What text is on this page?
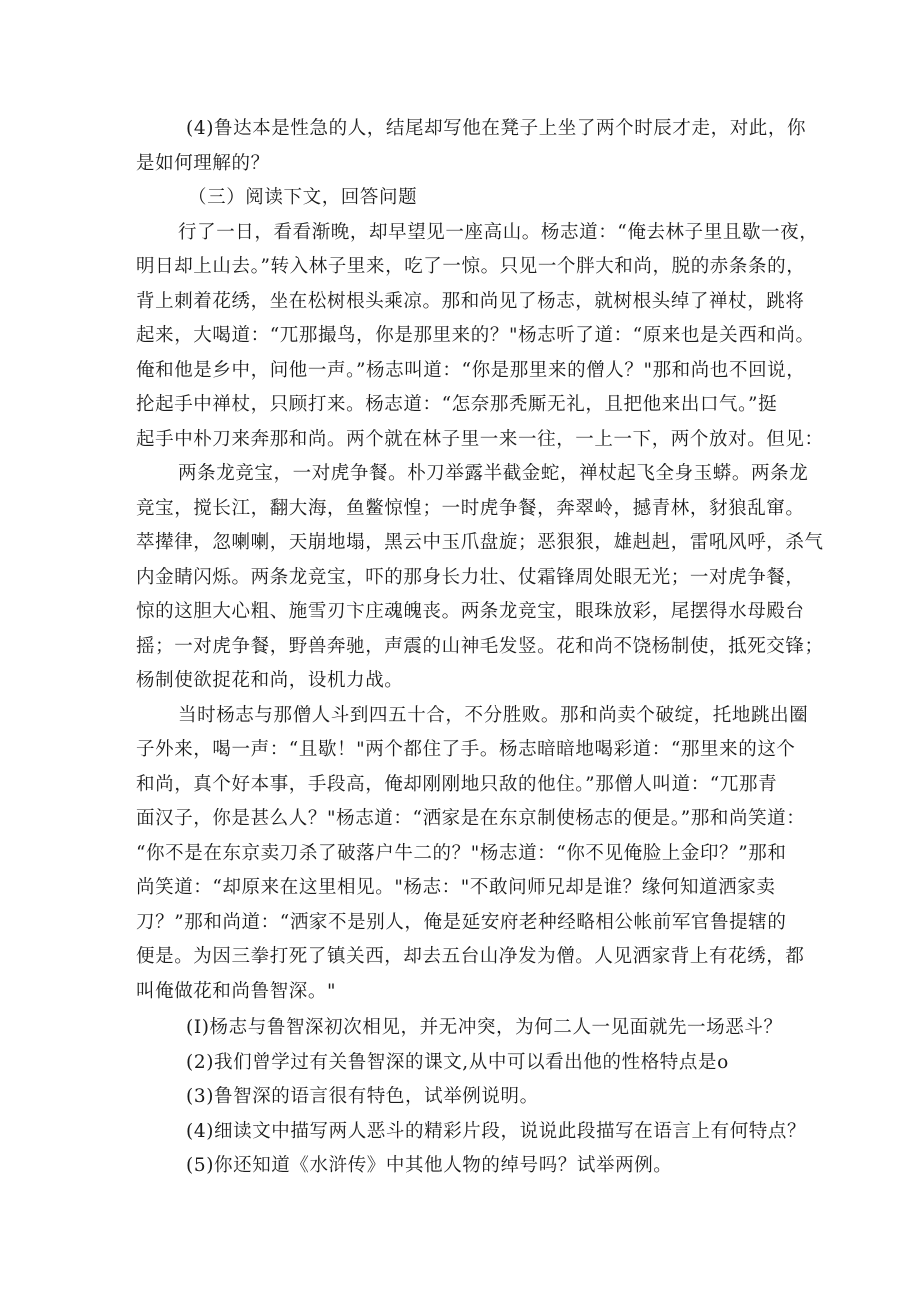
(4)鲁达本是性急的人，结尾却写他在凳子上坐了两个时辰才走，对此，你
是如何理解的？

（三）阅读下文，回答问题

行了一日，看看渐晚，却早望见一座高山。杨志道：“俺去林子里且歇一夜，
明日却上山去。”转入林子里来，吃了一惊。只见一个胖大和尚，脱的赤条条的，
背上刺着花绣，坐在松树根头乘凉。那和尚见了杨志，就树根头绰了禅杖，跳将
起来，大喝道：“兀那撮鸟，你是那里来的？"杨志听了道：“原来也是关西和尚。
俺和他是乡中，问他一声。”杨志叫道：“你是那里来的僧人？"那和尚也不回说，
抡起手中禅杖，只顾打来。杨志道：“怎奈那秃厮无礼，且把他来出口气。”挺
起手中朴刀来奔那和尚。两个就在林子里一来一往，一上一下，两个放对。但见：

两条龙竞宝，一对虎争餐。朴刀举露半截金蛇，禅杖起飞全身玉蟒。两条龙
竞宝，搅长江，翻大海，鱼鳖惊惶；一时虎争餐，奔翠岭，撼青林，豺狼乱窜。
萃撵律，忽喇喇，天崩地塌，黑云中玉爪盘旋；恶狠狠，雄赳赳，雷吼风呼，杀气
内金睛闪烁。两条龙竞宝，吓的那身长力壮、仗霜锋周处眼无光；一对虎争餐，
惊的这胆大心粗、施雪刃卞庄魂魄丧。两条龙竞宝，眼珠放彩，尾摆得水母殿台
摇；一对虎争餐，野兽奔驰，声震的山神毛发竖。花和尚不饶杨制使，抵死交锋；
杨制使欲捉花和尚，设机力战。

当时杨志与那僧人斗到四五十合，不分胜败。那和尚卖个破绽，托地跳出圈
子外来，喝一声：“且歇！"两个都住了手。杨志暗暗地喝彩道：“那里来的这个
和尚，真个好本事，手段高，俺却刚刚地只敌的他住。”那僧人叫道：“兀那青
面汉子，你是甚么人？"杨志道：“洒家是在东京制使杨志的便是。”那和尚笑道：
“你不是在东京卖刀杀了破落户牛二的？"杨志道：“你不见俺脸上金印？”那和
尚笑道：“却原来在这里相见。"杨志："不敢问师兄却是谁？缘何知道洒家卖
刀？”那和尚道：“洒家不是别人，俺是延安府老种经略相公帐前军官鲁提辖的
便是。为因三拳打死了镇关西，却去五台山净发为僧。人见洒家背上有花绣，都
叫俺做花和尚鲁智深。"

(I)杨志与鲁智深初次相见，并无冲突，为何二人一见面就先一场恶斗？
(2)我们曾学过有关鲁智深的课文,从中可以看出他的性格特点是o
(3)鲁智深的语言很有特色，试举例说明。
(4)细读文中描写两人恶斗的精彩片段，说说此段描写在语言上有何特点？
(5)你还知道《水浒传》中其他人物的绰号吗？试举两例。
